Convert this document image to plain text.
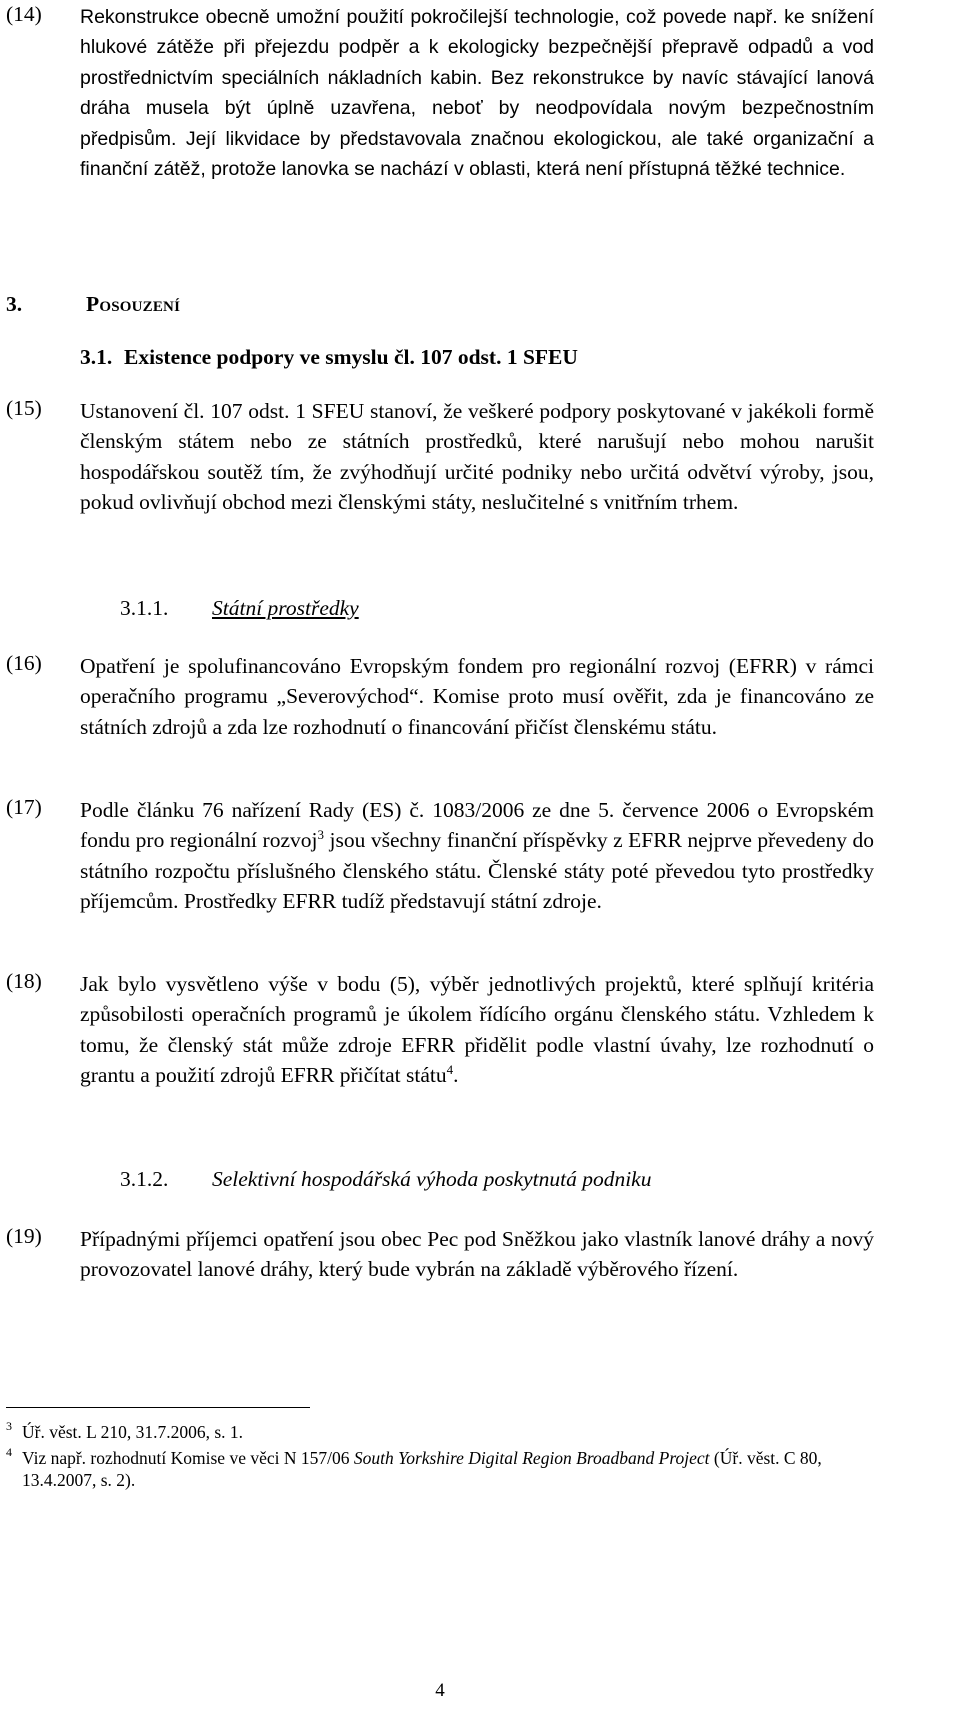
(14) Rekonstrukce obecně umožní použití pokročilejší technologie, což povede např. ke snížení hlukové zátěže při přejezdu podpěr a k ekologicky bezpečnější přepravě odpadů a vod prostřednictvím speciálních nákladních kabin. Bez rekonstrukce by navíc stávající lanová dráha musela být úplně uzavřena, neboť by neodpovídala novým bezpečnostním předpisům. Její likvidace by představovala značnou ekologickou, ale také organizační a finanční zátěž, protože lanovka se nachází v oblasti, která není přístupná těžké technice.

3.	Posouzení
3.1. Existence podpory ve smyslu čl. 107 odst. 1 SFEU
(15) Ustanovení čl. 107 odst. 1 SFEU stanoví, že veškeré podpory poskytované v jakékoli formě členským státem nebo ze státních prostředků, které narušují nebo mohou narušit hospodářskou soutěž tím, že zvýhodňují určité podniky nebo určitá odvětví výroby, jsou, pokud ovlivňují obchod mezi členskými státy, neslučitelné s vnitřním trhem.

3.1.1. Státní prostředky
(16) Opatření je spolufinancováno Evropským fondem pro regionální rozvoj (EFRR) v rámci operačního programu „Severovýchod“. Komise proto musí ověřit, zda je financováno ze státních zdrojů a zda lze rozhodnutí o financování přičíst členskému státu.

(17) Podle článku 76 nařízení Rady (ES) č. 1083/2006 ze dne 5. července 2006 o Evropském fondu pro regionální rozvoj$^3$ jsou všechny finanční příspěvky z EFRR nejprve převedeny do státního rozpočtu příslušného členského státu. Členské státy poté převedou tyto prostředky příjemcům. Prostředky EFRR tudíž představují státní zdroje.

(18) Jak bylo vysvětleno výše v bodu (5), výběr jednotlivých projektů, které splňují kritéria způsobilosti operačních programů je úkolem řídícího orgánu členského státu. Vzhledem k tomu, že členský stát může zdroje EFRR přidělit podle vlastní úvahy, lze rozhodnutí o grantu a použití zdrojů EFRR přičítat státu$^4$.

3.1.2. Selektivní hospodářská výhoda poskytnutá podniku
(19) Případnými příjemci opatření jsou obec Pec pod Sněžkou jako vlastník lanové dráhy a nový provozovatel lanové dráhy, který bude vybrán na základě výběrového řízení.

3 Úř. věst. L 210, 31.7.2006, s. 1.
4 Viz např. rozhodnutí Komise ve věci N 157/06 South Yorkshire Digital Region Broadband Project (Úř. věst. C 80, 13.4.2007, s. 2).
4
